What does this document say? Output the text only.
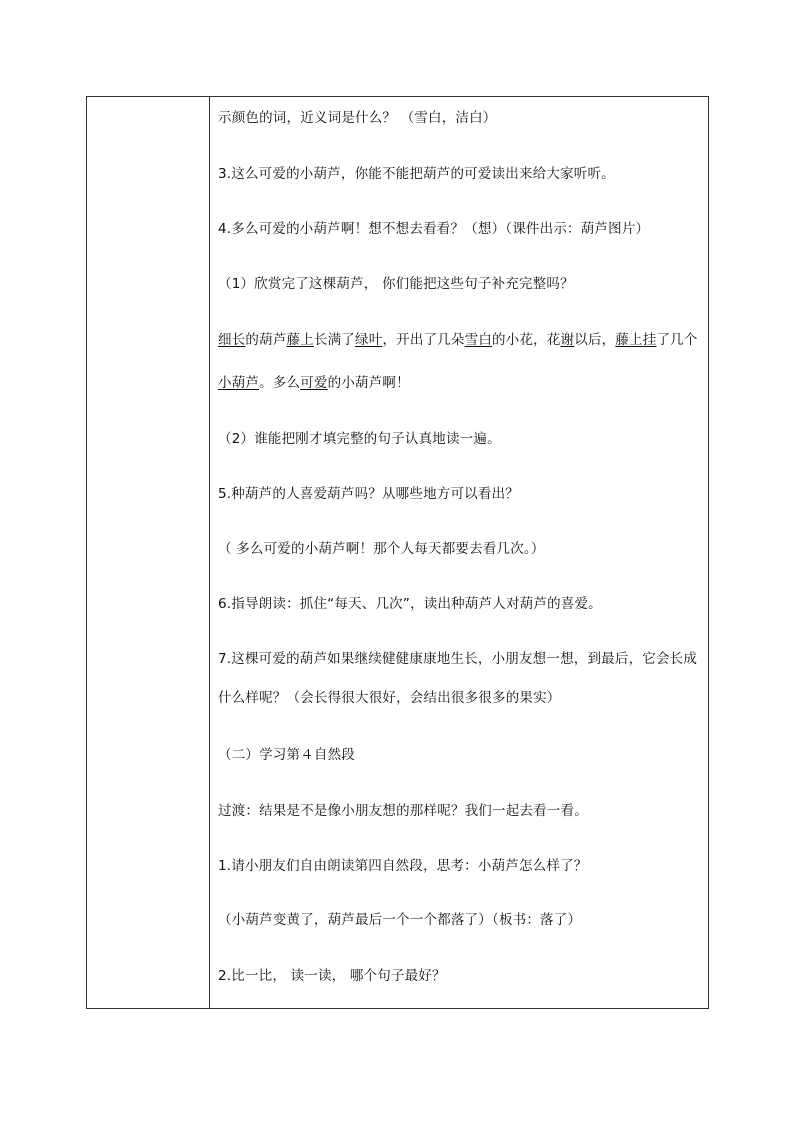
示颜色的词，近义词是什么？ （雪白，洁白）
3.这么可爱的小葫芦，你能不能把葫芦的可爱读出来给大家听听。
4.多么可爱的小葫芦啊！想不想去看看？（想）（课件出示：葫芦图片）
（1）欣赏完了这棵葫芦， 你们能把这些句子补充完整吗？
细长的葫芦藤上长满了绿叶，开出了几朵雪白的小花，花谢以后，藤上挂了几个
小葫芦。多么可爱的小葫芦啊！
（2）谁能把刚才填完整的句子认真地读一遍。
5.种葫芦的人喜爱葫芦吗？从哪些地方可以看出？
（ 多么可爱的小葫芦啊！那个人每天都要去看几次。）
6.指导朗读：抓住“每天、几次”，读出种葫芦人对葫芦的喜爱。
7.这棵可爱的葫芦如果继续健健康康地生长，小朋友想一想，到最后，它会长成
什么样呢？（会长得很大很好，会结出很多很多的果实）
（二）学习第４自然段
过渡：结果是不是像小朋友想的那样呢？我们一起去看一看。
1.请小朋友们自由朗读第四自然段，思考：小葫芦怎么样了？
（小葫芦变黄了，葫芦最后一个一个都落了）（板书：落了）
2.比一比， 读一读， 哪个句子最好？
